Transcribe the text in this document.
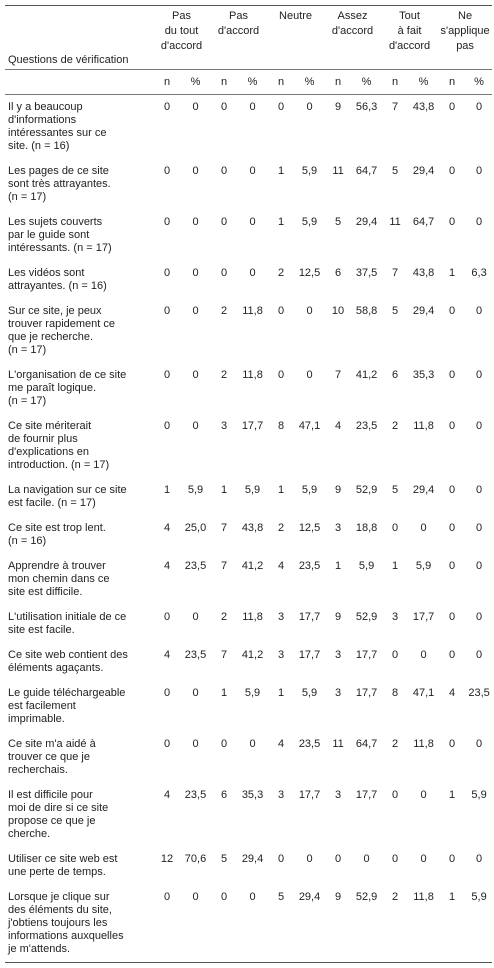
Questions de vérification	Pas
du tout
d'accord		Pas
d'accord		Neutre		Assez
d'accord		Tout
à fait
d'accord		Ne
s'applique
pas	
	n	%	n	%	n	%	n	%	n	%	n	%
Il y a beaucoup
d'informations
intéressantes sur ce
site. (n = 16)	0	0	0	0	0	0	9	56,3	7	43,8	0	0
Les pages de ce site
sont très attrayantes.
(n = 17)	0	0	0	0	1	5,9	11	64,7	5	29,4	0	0
Les sujets couverts
par le guide sont
intéressants. (n = 17)	0	0	0	0	1	5,9	5	29,4	11	64,7	0	0
Les vidéos sont
attrayantes. (n = 16)	0	0	0	0	2	12,5	6	37,5	7	43,8	1	6,3
Sur ce site, je peux
trouver rapidement ce
que je recherche.
(n = 17)	0	0	2	11,8	0	0	10	58,8	5	29,4	0	0
L'organisation de ce site
me paraît logique.
(n = 17)	0	0	2	11,8	0	0	7	41,2	6	35,3	0	0
Ce site mériterait
de fournir plus
d'explications en
introduction. (n = 17)	0	0	3	17,7	8	47,1	4	23,5	2	11,8	0	0
La navigation sur ce site
est facile. (n = 17)	1	5,9	1	5,9	1	5,9	9	52,9	5	29,4	0	0
Ce site est trop lent.
(n = 16)	4	25,0	7	43,8	2	12,5	3	18,8	0	0	0	0
Apprendre à trouver
mon chemin dans ce
site est difficile.	4	23,5	7	41,2	4	23,5	1	5,9	1	5,9	0	0
L'utilisation initiale de ce
site est facile.	0	0	2	11,8	3	17,7	9	52,9	3	17,7	0	0
Ce site web contient des
éléments agaçants.	4	23,5	7	41,2	3	17,7	3	17,7	0	0	0	0
Le guide téléchargeable
est facilement
imprimable.	0	0	1	5,9	1	5,9	3	17,7	8	47,1	4	23,5
Ce site m'a aidé à
trouver ce que je
recherchais.	0	0	0	0	4	23,5	11	64,7	2	11,8	0	0
Il est difficile pour
moi de dire si ce site
propose ce que je
cherche.	4	23,5	6	35,3	3	17,7	3	17,7	0	0	1	5,9
Utiliser ce site web est
une perte de temps.	12	70,6	5	29,4	0	0	0	0	0	0	0	0
Lorsque je clique sur
des éléments du site,
j'obtiens toujours les
informations auxquelles
je m'attends.	0	0	0	0	5	29,4	9	52,9	2	11,8	1	5,9
